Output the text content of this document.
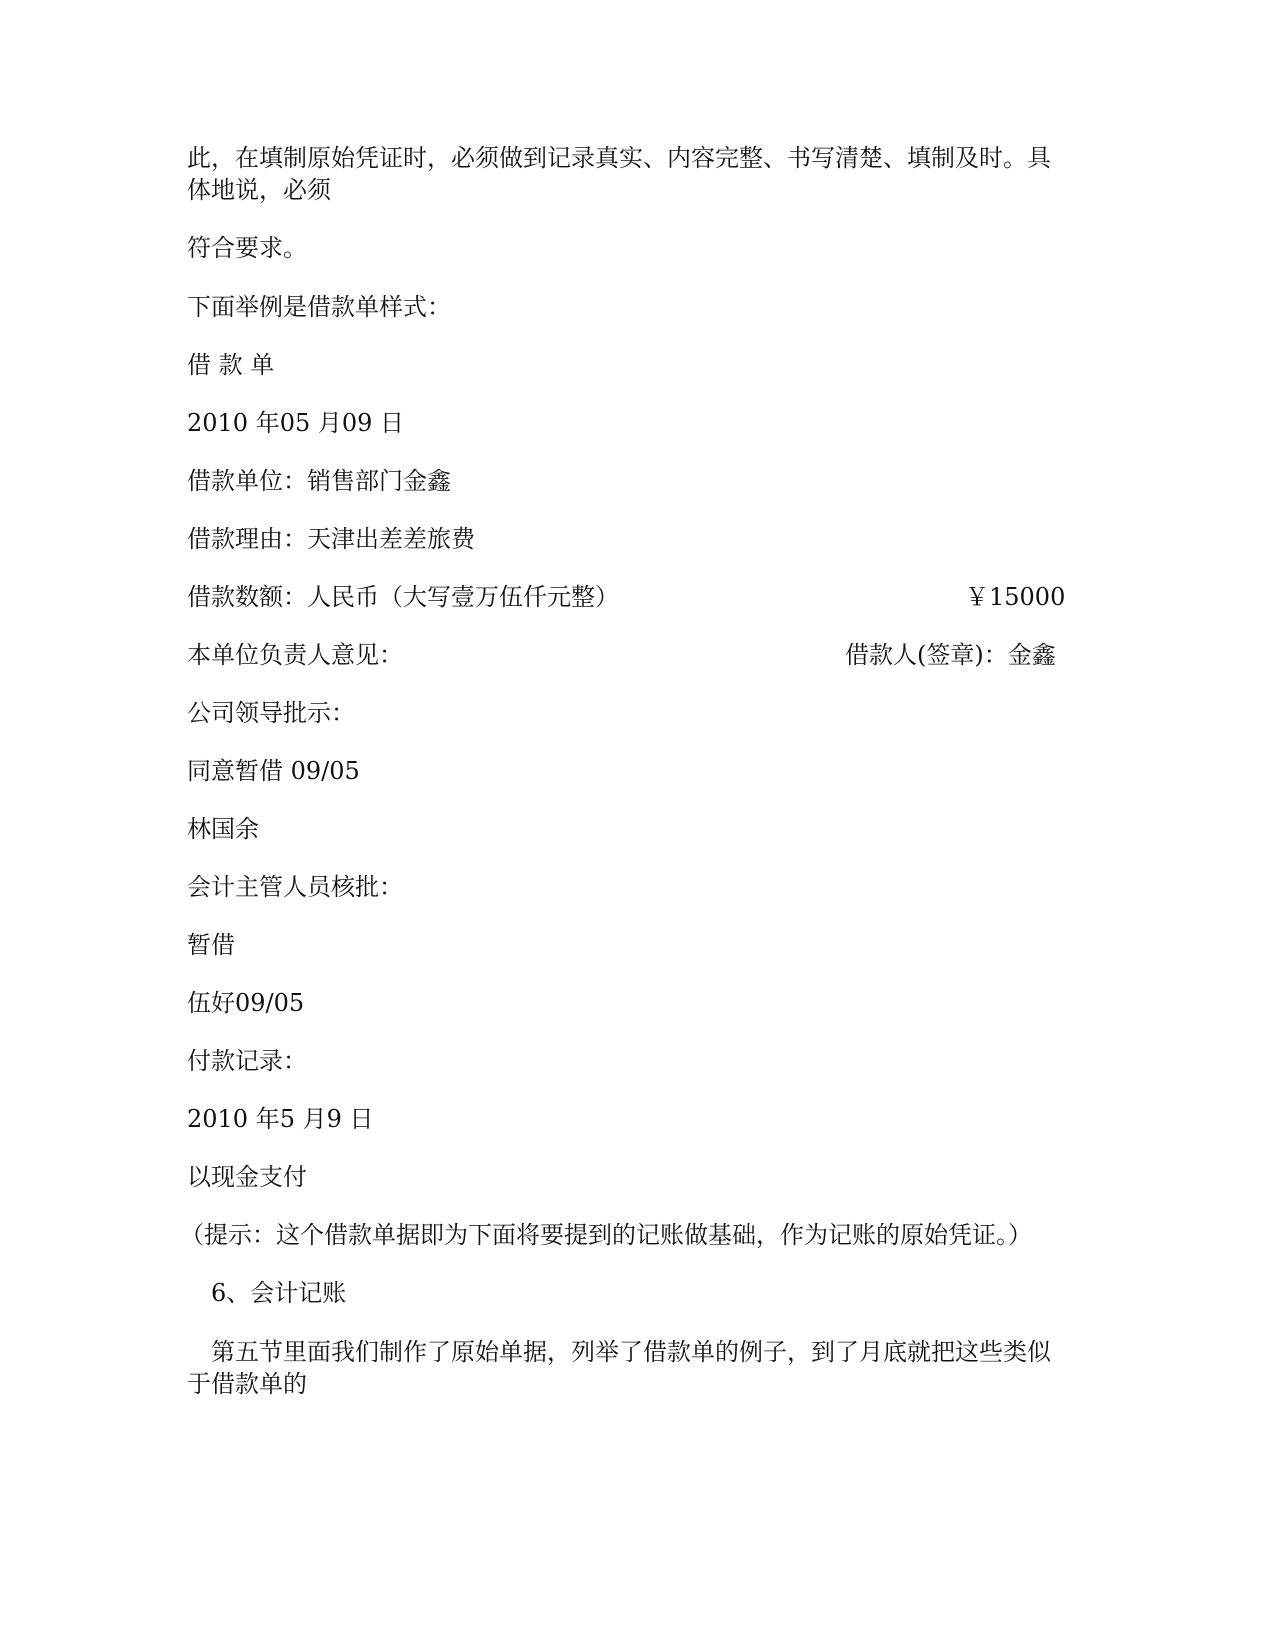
此，在填制原始凭证时，必须做到记录真实、内容完整、书写清楚、填制及时。具
体地说，必须
符合要求。
下面举例是借款单样式：
借 款 单
2010 年05 月09 日
借款单位：销售部门金鑫
借款理由：天津出差差旅费
借款数额：人民币（大写壹万伍仟元整）	￥15000
本单位负责人意见：	借款人(签章)：金鑫
公司领导批示：
同意暂借 09/05
林国余
会计主管人员核批：
暂借
伍好09/05
付款记录：
2010 年5 月9 日
以现金支付
（提示：这个借款单据即为下面将要提到的记账做基础，作为记账的原始凭证。）
6、会计记账
第五节里面我们制作了原始单据，列举了借款单的例子，到了月底就把这些类似
于借款单的
